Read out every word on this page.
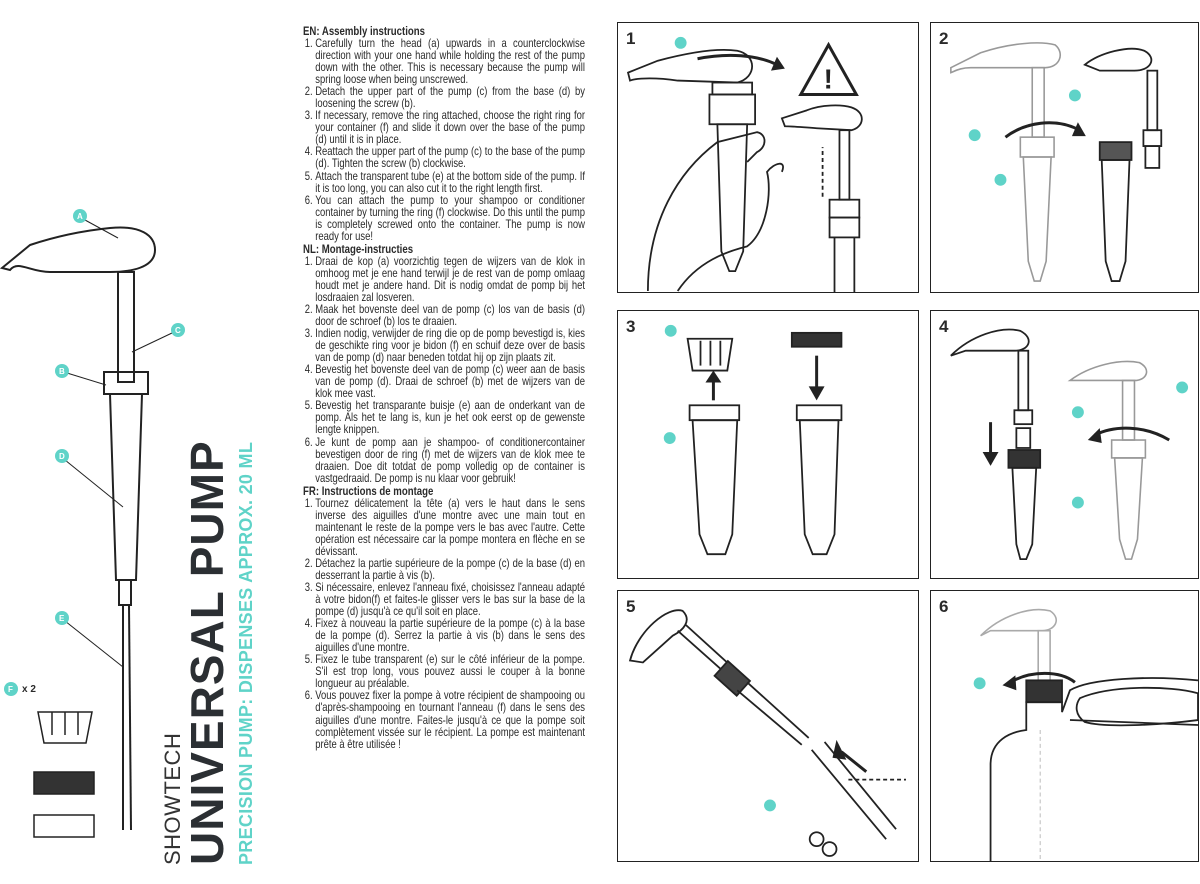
A
C
B
D
E
F x 2
SHOWTECH
UNIVERSAL PUMP PRECISION PUMP: DISPENSES APPROX. 20 ML
EN: Assembly instructions
1. Carefully turn the head (a) upwards in a counterclockwise direction with your one hand while holding the rest of the pump down with the other. This is necessary because the pump will spring loose when being unscrewed.
2. Detach the upper part of the pump (c) from the base (d) by loosening the screw (b).
3. If necessary, remove the ring attached, choose the right ring for your container (f) and slide it down over the base of the pump (d) until it is in place.
4. Reattach the upper part of the pump (c) to the base of the pump (d). Tighten the screw (b) clockwise.
5. Attach the transparent tube (e) at the bottom side of the pump. If it is too long, you can also cut it to the right length first.
6. You can attach the pump to your shampoo or conditioner container by turning the ring (f) clockwise. Do this until the pump is completely screwed onto the container. The pump is now ready for use!
NL: Montage-instructies
1. Draai de kop (a) voorzichtig tegen de wijzers van de klok in omhoog met je ene hand terwijl je de rest van de pomp omlaag houdt met je andere hand. Dit is nodig omdat de pomp bij het losdraaien zal losveren.
2. Maak het bovenste deel van de pomp (c) los van de basis (d) door de schroef (b) los te draaien.
3. Indien nodig, verwijder de ring die op de pomp bevestigd is, kies de geschikte ring voor je bidon (f) en schuif deze over de basis van de pomp (d) naar beneden totdat hij op zijn plaats zit.
4. Bevestig het bovenste deel van de pomp (c) weer aan de basis van de pomp (d). Draai de schroef (b) met de wijzers van de klok mee vast.
5. Bevestig het transparante buisje (e) aan de onderkant van de pomp. Als het te lang is, kun je het ook eerst op de gewenste lengte knippen.
6. Je kunt de pomp aan je shampoo- of conditionercontainer bevestigen door de ring (f) met de wijzers van de klok mee te draaien. Doe dit totdat de pomp volledig op de container is vastgedraaid. De pomp is nu klaar voor gebruik!
FR: Instructions de montage
1. Tournez délicatement la tête (a) vers le haut dans le sens inverse des aiguilles d'une montre avec une main tout en maintenant le reste de la pompe vers le bas avec l'autre. Cette opération est nécessaire car la pompe montera en flèche en se dévissant.
2. Détachez la partie supérieure de la pompe (c) de la base (d) en desserrant la partie à vis (b).
3. Si nécessaire, enlevez l'anneau fixé, choisissez l'anneau adapté à votre bidon(f) et faites-le glisser vers le bas sur la base de la pompe (d) jusqu'à ce qu'il soit en place.
4. Fixez à nouveau la partie supérieure de la pompe (c) à la base de la pompe (d). Serrez la partie à vis (b) dans le sens des aiguilles d'une montre.
5. Fixez le tube transparent (e) sur le côté inférieur de la pompe. S'il est trop long, vous pouvez aussi le couper à la bonne longueur au préalable.
6. Vous pouvez fixer la pompe à votre récipient de shampooing ou d'après-shampooing en tournant l'anneau (f) dans le sens des aiguilles d'une montre. Faites-le jusqu'à ce que la pompe soit complètement vissée sur le récipient. La pompe est maintenant prête à être utilisée !
!
1	2
3	4
5	6
